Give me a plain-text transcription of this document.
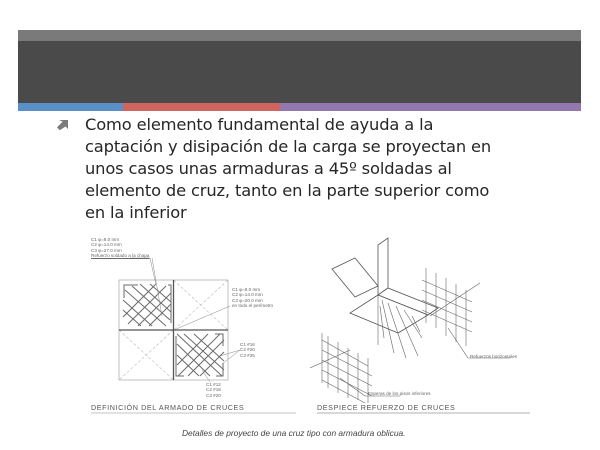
Como elemento fundamental de ayuda a la
captación y disipación de la carga se proyectan en
unos casos unas armaduras a 45º soldadas al
elemento de cruz, tanto en la parte superior como
en la inferior
C1 φ=8.0 mm
C2 φ=14.0 mm
C3 φ=27.0 mm
Refuerzo soldado a la chapa
C1 φ=8.0 mm
C2 φ=14.0 mm
C3 φ=20.0 mm
en todo el perímetro
C1 #16
C2 #20
C3 #25
C1 #12
C2 #16
C3 #20
DEFINICIÓN DEL ARMADO DE CRUCES
Refuerzos horizontales
Esperas de los pisos inferiores
DESPIECE REFUERZO DE CRUCES
Detalles de proyecto de una cruz tipo con armadura oblicua.
